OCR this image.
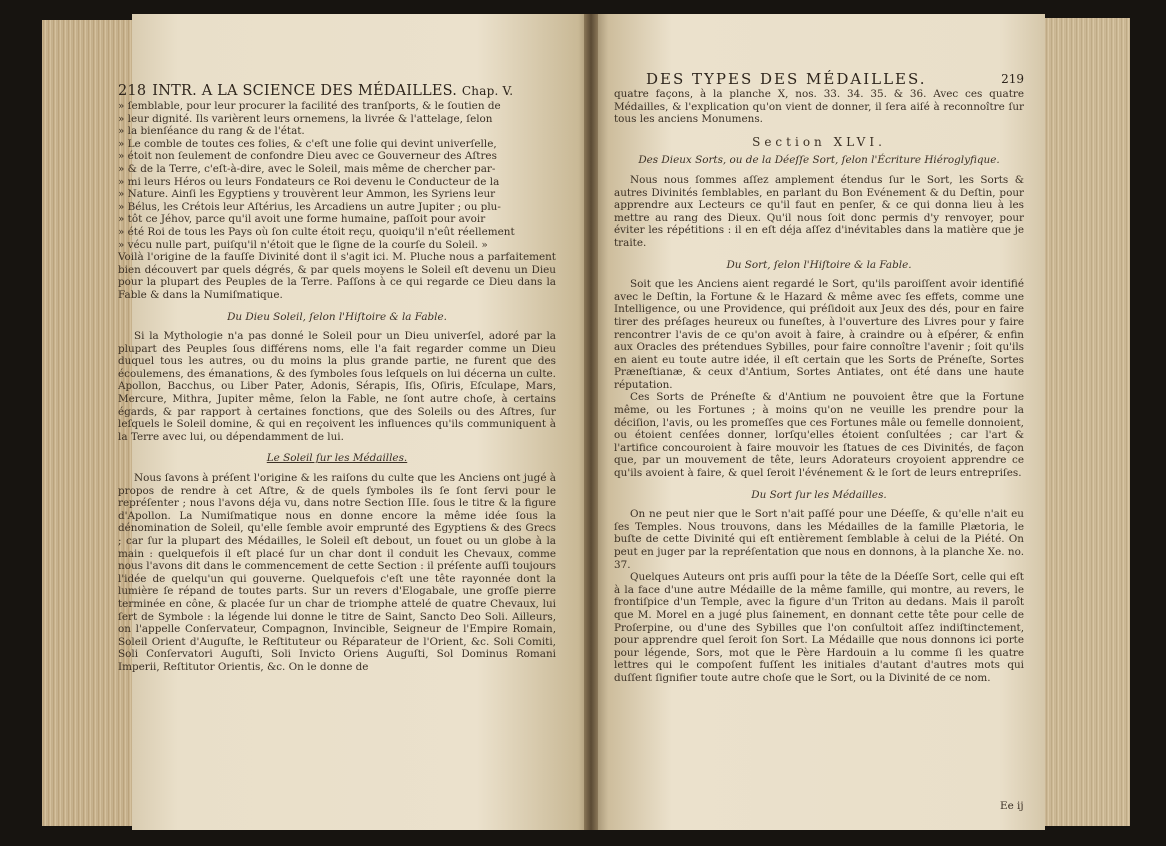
218 INTR. A LA SCIENCE DES MÉDAILLES. Chap. V.

» ſemblable, pour leur procurer la facilité des tranſports, & le ſoutien de

» leur dignité. Ils varièrent leurs ornemens, la livrée & l'attelage, ſelon

» la bienſéance du rang & de l'état.

» Le comble de toutes ces folies, & c'eſt une folie qui devint univerſelle,

» étoit non ſeulement de confondre Dieu avec ce Gouverneur des Aſtres

» & de la Terre, c'eſt-à-dire, avec le Soleil, mais même de chercher par-

» mi leurs Héros ou leurs Fondateurs ce Roi devenu le Conducteur de la

» Nature. Ainſi les Egyptiens y trouvèrent leur Ammon, les Syriens leur

» Bélus, les Crétois leur Aſtérius, les Arcadiens un autre Jupiter ; ou plu-

» tôt ce Jéhov, parce qu'il avoit une forme humaine, paſſoit pour avoir

» été Roi de tous les Pays où ſon culte étoit reçu, quoiqu'il n'eût réellement

» vécu nulle part, puiſqu'il n'étoit que le ſigne de la courſe du Soleil. »

Voilà l'origine de la fauſſe Divinité dont il s'agit ici. M. Pluche nous a parfaitement bien découvert par quels dégrés, & par quels moyens le Soleil eſt devenu un Dieu pour la plupart des Peuples de la Terre. Paſſons à ce qui regarde ce Dieu dans la Fable & dans la Numiſmatique.

Du Dieu Soleil, ſelon l'Hiſtoire & la Fable.

Si la Mythologie n'a pas donné le Soleil pour un Dieu univerſel, adoré par la plupart des Peuples ſous différens noms, elle l'a fait regarder comme un Dieu duquel tous les autres, ou du moins la plus grande partie, ne furent que des écoulemens, des émanations, & des ſymboles ſous leſquels on lui décerna un culte. Apollon, Bacchus, ou Liber Pater, Adonis, Sérapis, Iſis, Oſiris, Eſculape, Mars, Mercure, Mithra, Jupiter même, ſelon la Fable, ne ſont autre choſe, à certains égards, & par rapport à certaines fonctions, que des Soleils ou des Aſtres, ſur leſquels le Soleil domine, & qui en reçoivent les influences qu'ils communiquent à la Terre avec lui, ou dépendamment de lui.

Le Soleil ſur les Médailles.

Nous ſavons à préſent l'origine & les raiſons du culte que les Anciens ont jugé à propos de rendre à cet Aſtre, & de quels ſymboles ils ſe ſont ſervi pour le repréſenter ; nous l'avons déja vu, dans notre Section IIIe. ſous le titre & la figure d'Apollon. La Numiſmatique nous en donne encore la même idée ſous la dénomination de Soleil, qu'elle ſemble avoir emprunté des Egyptiens & des Grecs ; car ſur la plupart des Médailles, le Soleil eſt debout, un fouet ou un globe à la main : quelquefois il eſt placé ſur un char dont il conduit les Chevaux, comme nous l'avons dit dans le commencement de cette Section : il préſente auſſi toujours l'idée de quelqu'un qui gouverne. Quelquefois c'eſt une tête rayonnée dont la lumière ſe répand de toutes parts. Sur un revers d'Elogabale, une groſſe pierre terminée en cône, & placée ſur un char de triomphe attelé de quatre Chevaux, lui ſert de Symbole : la légende lui donne le titre de Saint, Sancto Deo Soli. Ailleurs, on l'appelle Conſervateur, Compagnon, Invincible, Seigneur de l'Empire Romain, Soleil Orient d'Auguſte, le Reſtituteur ou Réparateur de l'Orient, &c. Soli Comiti, Soli Conſervatori Auguſti, Soli Invicto Oriens Auguſti, Sol Dominus Romani Imperii, Reſtitutor Orientis, &c. On le donne de

DES TYPES DES MÉDAILLES.	219

quatre façons, à la planche X, nos. 33. 34. 35. & 36. Avec ces quatre Médailles, & l'explication qu'on vient de donner, il ſera aiſé à reconnoître ſur tous les anciens Monumens.

Section XLVI.

Des Dieux Sorts, ou de la Déeſſe Sort, ſelon l'Écriture Hiéroglyfique.

Nous nous ſommes aſſez amplement étendus ſur le Sort, les Sorts & autres Divinités ſemblables, en parlant du Bon Evénement & du Deſtin, pour apprendre aux Lecteurs ce qu'il faut en penſer, & ce qui donna lieu à les mettre au rang des Dieux. Qu'il nous ſoit donc permis d'y renvoyer, pour éviter les répétitions : il en eſt déja aſſez d'inévitables dans la matière que je traite.

Du Sort, ſelon l'Hiſtoire & la Fable.

Soit que les Anciens aient regardé le Sort, qu'ils paroiſſent avoir identifié avec le Deſtin, la Fortune & le Hazard & même avec ſes effets, comme une Intelligence, ou une Providence, qui préſidoit aux Jeux des dés, pour en faire tirer des préſages heureux ou funeſtes, à l'ouverture des Livres pour y faire rencontrer l'avis de ce qu'on avoit à faire, à craindre ou à eſpérer, & enfin aux Oracles des prétendues Sybilles, pour faire connoître l'avenir ; ſoit qu'ils en aient eu toute autre idée, il eſt certain que les Sorts de Préneſte, Sortes Præneſtianæ, & ceux d'Antium, Sortes Antiates, ont été dans une haute réputation.

Ces Sorts de Préneſte & d'Antium ne pouvoient être que la Fortune même, ou les Fortunes ; à moins qu'on ne veuille les prendre pour la déciſion, l'avis, ou les promeſſes que ces Fortunes mâle ou femelle donnoient, ou étoient cenſées donner, lorſqu'elles étoient conſultées ; car l'art & l'artifice concouroient à faire mouvoir les ſtatues de ces Divinités, de façon que, par un mouvement de tête, leurs Adorateurs croyoient apprendre ce qu'ils avoient à faire, & quel ſeroit l'événement & le ſort de leurs entrepriſes.

Du Sort ſur les Médailles.

On ne peut nier que le Sort n'ait paſſé pour une Déeſſe, & qu'elle n'ait eu ſes Temples. Nous trouvons, dans les Médailles de la famille Plætoria, le buſte de cette Divinité qui eſt entièrement ſemblable à celui de la Piété. On peut en juger par la repréſentation que nous en donnons, à la planche Xe. no. 37.

Quelques Auteurs ont pris auſſi pour la tête de la Déeſſe Sort, celle qui eſt à la face d'une autre Médaille de la même famille, qui montre, au revers, le frontiſpice d'un Temple, avec la figure d'un Triton au dedans. Mais il paroît que M. Morel en a jugé plus ſainement, en donnant cette tête pour celle de Proſerpine, ou d'une des Sybilles que l'on conſultoit aſſez indiſtinctement, pour apprendre quel ſeroit ſon Sort. La Médaille que nous donnons ici porte pour légende, Sors, mot que le Père Hardouin a lu comme ſi les quatre lettres qui le compoſent fuſſent les initiales d'autant d'autres mots qui duſſent ſignifier toute autre choſe que le Sort, ou la Divinité de ce nom.

Ee ij
